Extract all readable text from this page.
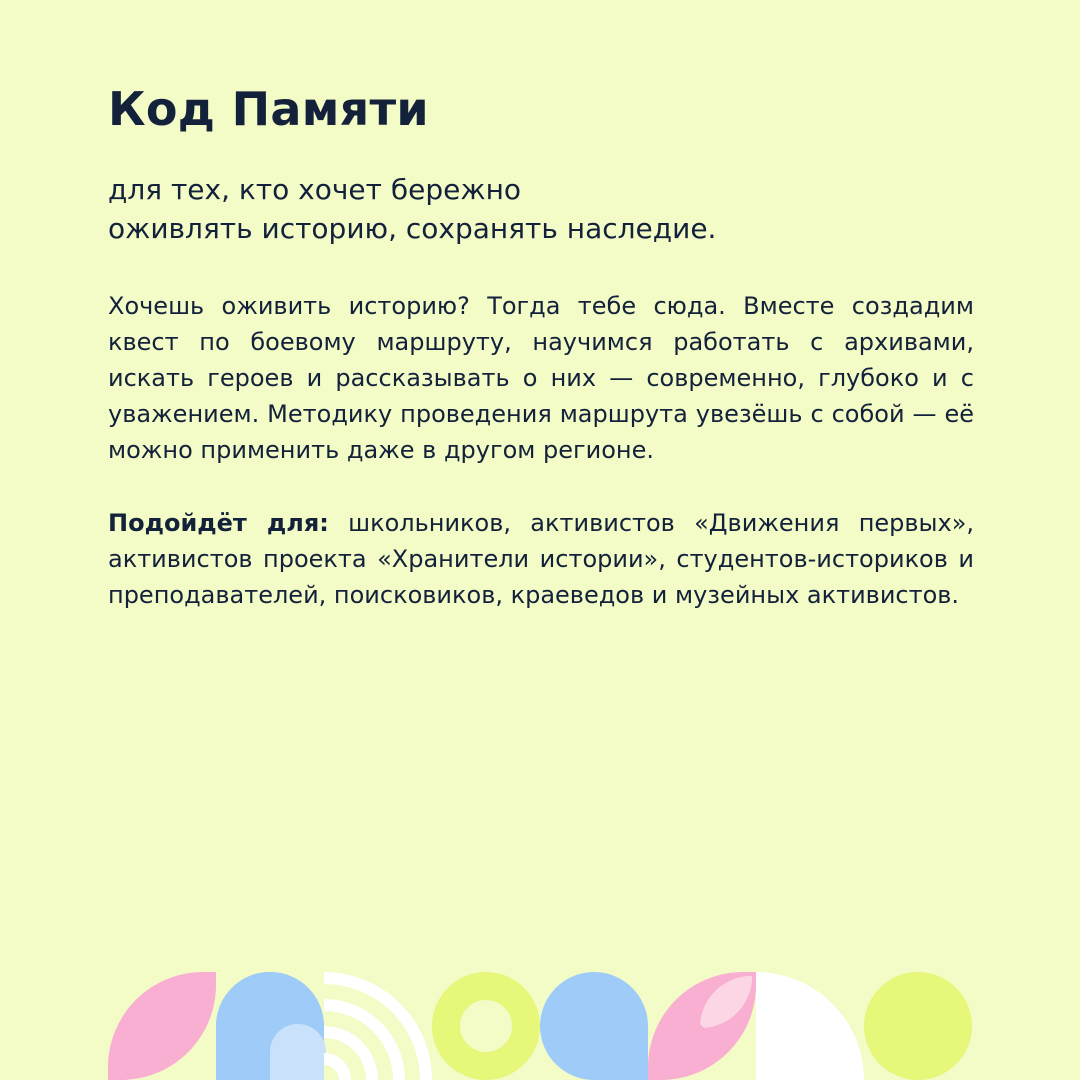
Код Памяти
для тех, кто хочет бережно
оживлять историю, сохранять наследие.

Хочешь оживить историю? Тогда тебе сюда. Вместе создадим квест по боевому маршруту, научимся работать с архивами, искать героев и рассказывать о них — современно, глубоко и с уважением. Методику проведения маршрута увезёшь с собой — её можно применить даже в другом регионе.

Подойдёт для: школьников, активистов «Движения первых», активистов проекта «Хранители истории», студентов-историков и преподавателей, поисковиков, краеведов и музейных активистов.
